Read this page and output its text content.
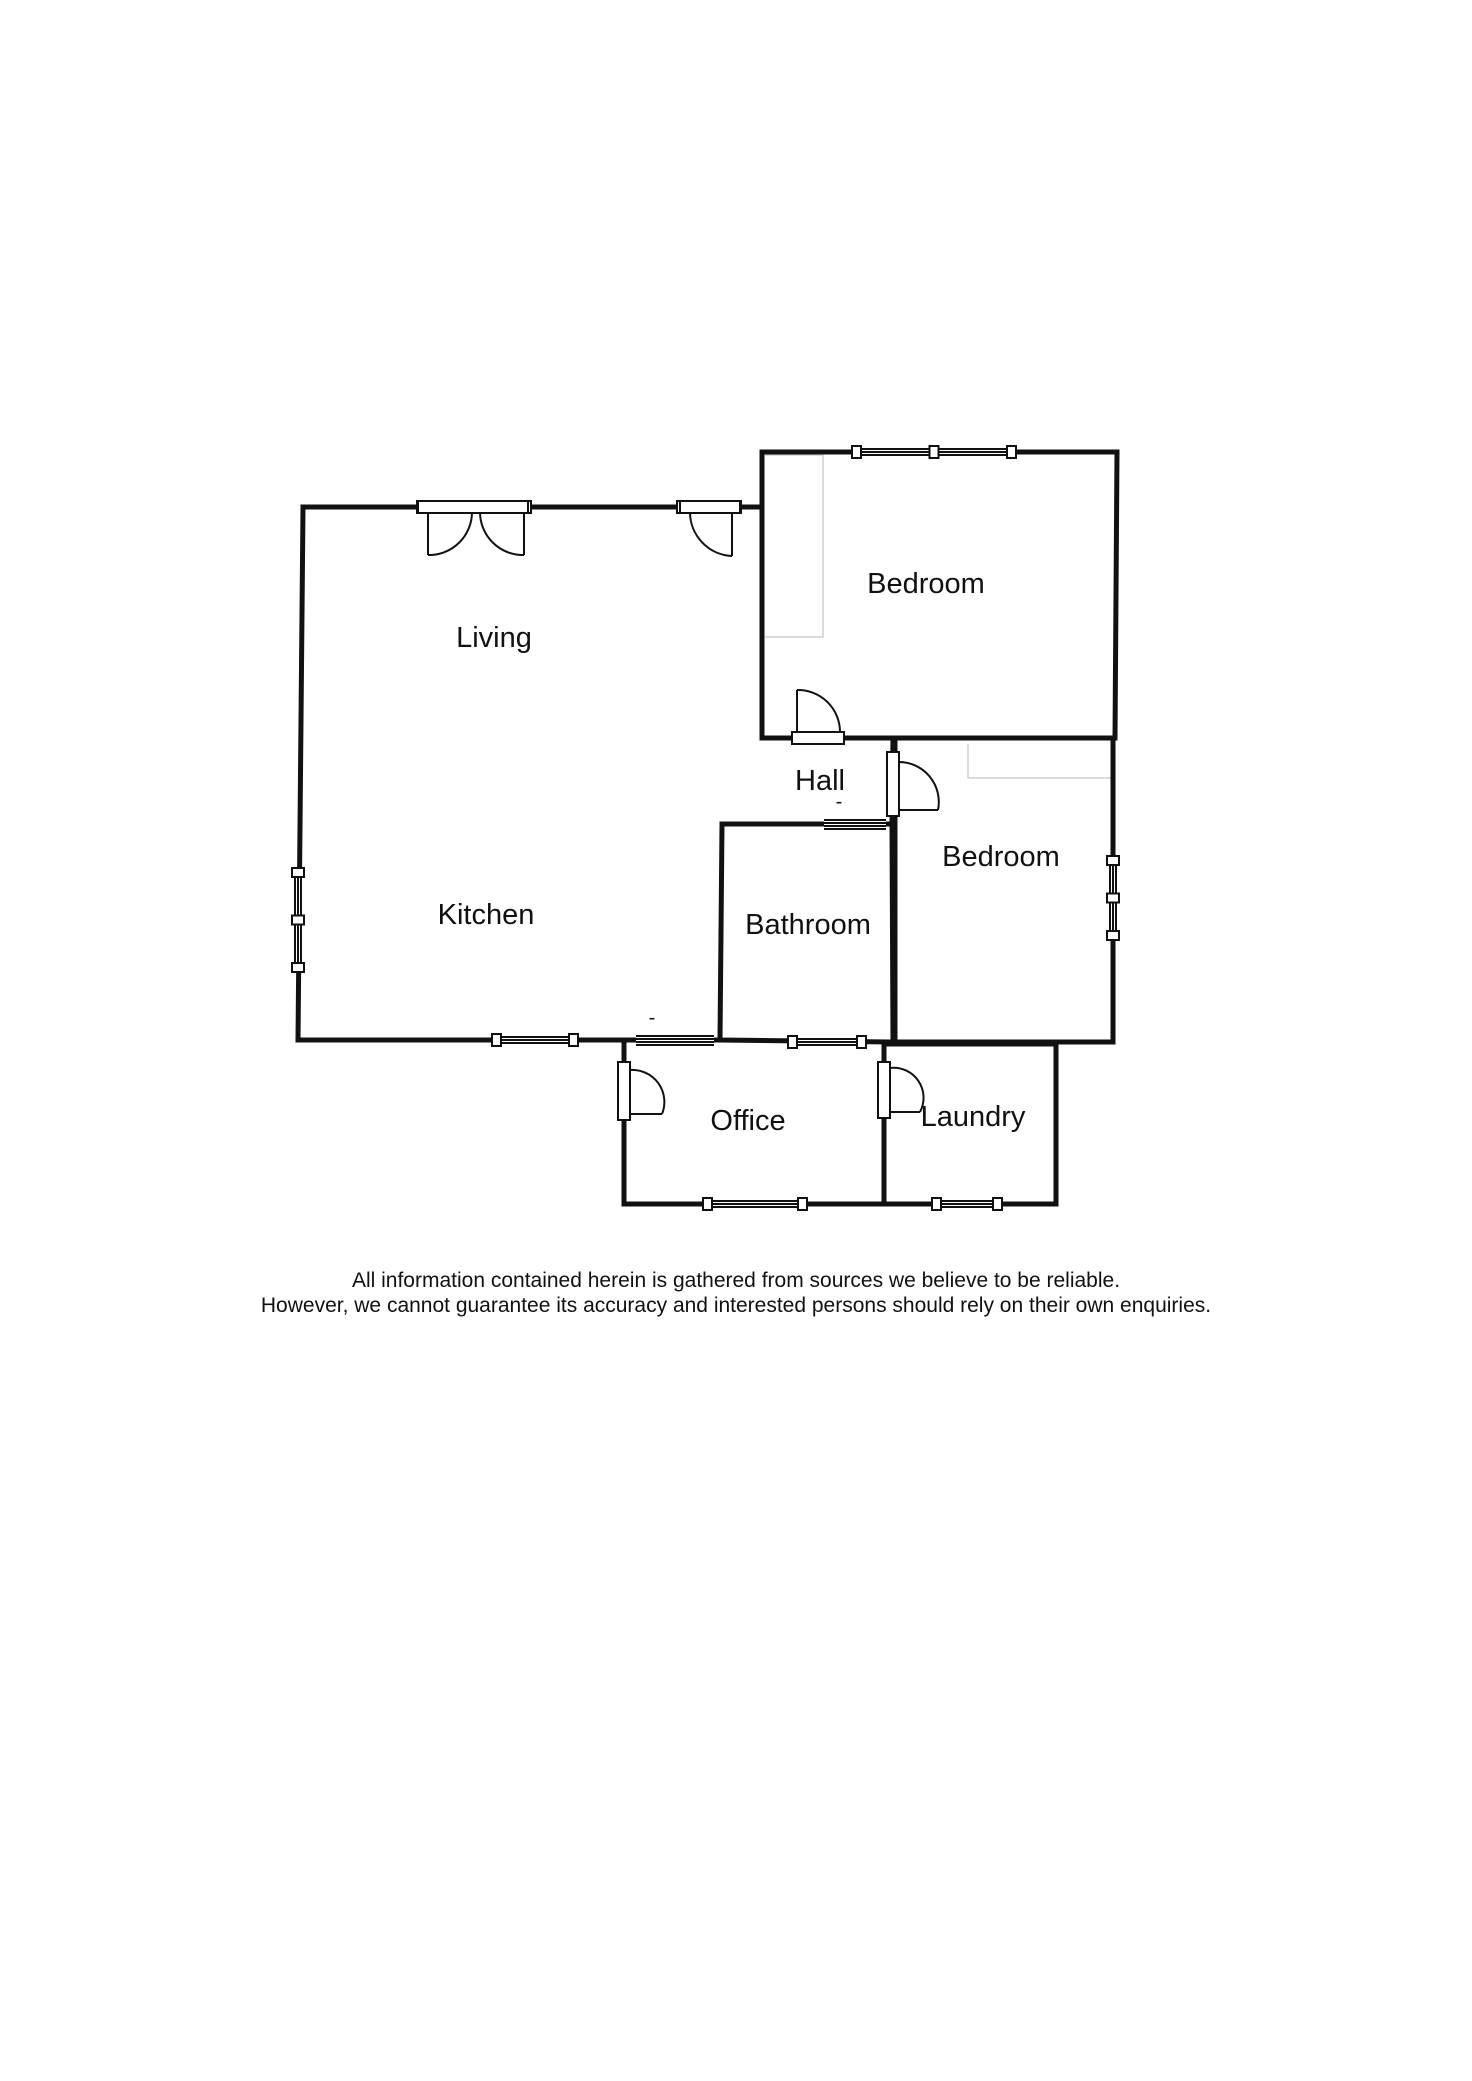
Living
Kitchen
Bedroom
Hall
Bedroom
Bathroom
Office	Laundry
-
-
All information contained herein is gathered from sources we believe to be reliable.
However, we cannot guarantee its accuracy and interested persons should rely on their own enquiries.
